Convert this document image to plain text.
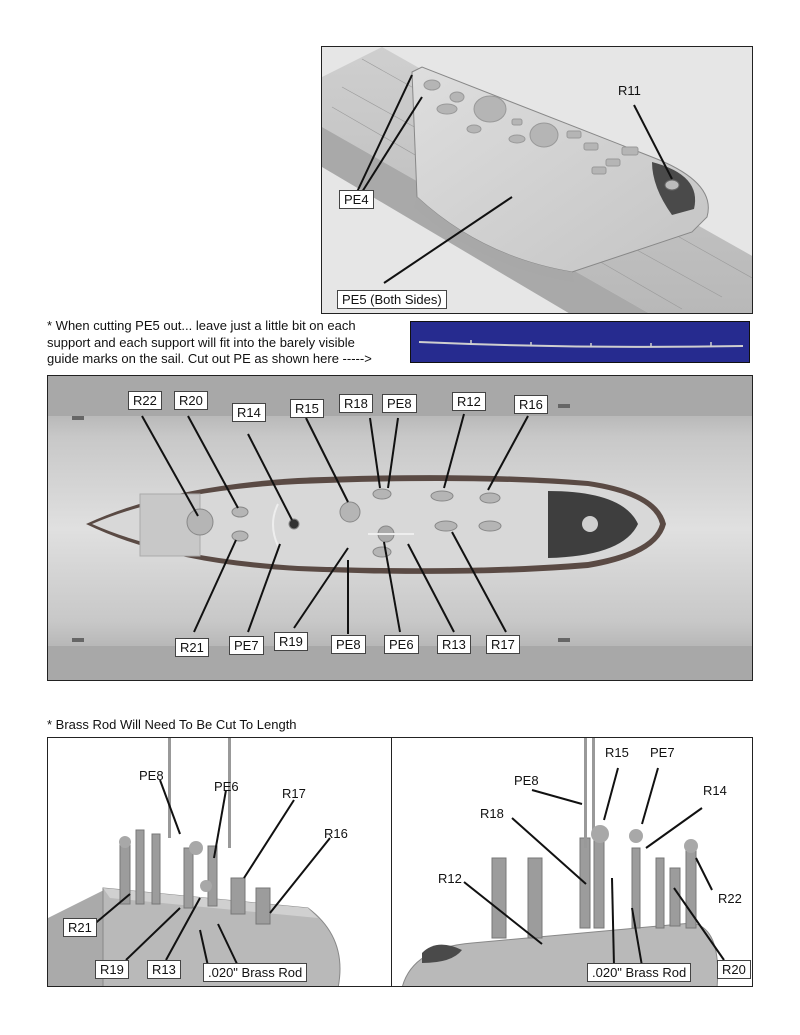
PE4
R11
PE5 (Both Sides)
* When cutting PE5 out... leave just a little bit on each
support and each support will fit into the barely visible
guide marks on the sail. Cut out PE as shown here ----->
R22	R20
R14	R15	R18	PE8	R12	R16
R21	PE7	R19	PE8	PE6	R13	R17
* Brass Rod Will Need To Be Cut To Length
PE8
PE6	R17
R16
R21
R19	R13	.020" Brass Rod
PE8
R15 PE7
R14
R18
R12
R22
R20
.020" Brass Rod
